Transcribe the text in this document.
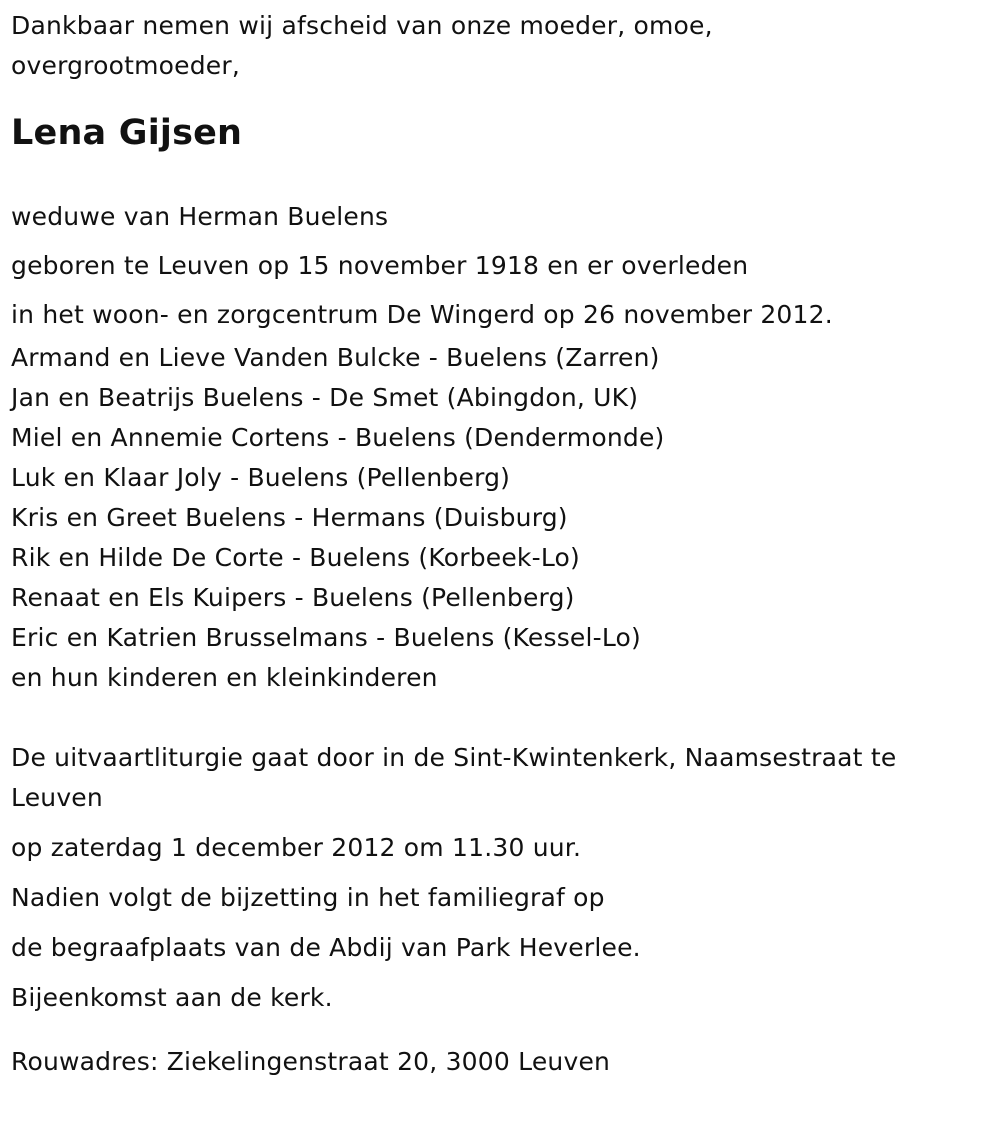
Dankbaar nemen wij afscheid van onze moeder, omoe,
overgrootmoeder,
Lena Gijsen
weduwe van Herman Buelens
geboren te Leuven op 15 november 1918 en er overleden
in het woon- en zorgcentrum De Wingerd op 26 november 2012.
Armand en Lieve Vanden Bulcke - Buelens (Zarren)
Jan en Beatrijs Buelens - De Smet (Abingdon, UK)
Miel en Annemie Cortens - Buelens (Dendermonde)
Luk en Klaar Joly - Buelens (Pellenberg)
Kris en Greet Buelens - Hermans (Duisburg)
Rik en Hilde De Corte - Buelens (Korbeek-Lo)
Renaat en Els Kuipers - Buelens (Pellenberg)
Eric en Katrien Brusselmans - Buelens (Kessel-Lo)
en hun kinderen en kleinkinderen
De uitvaartliturgie gaat door in de Sint-Kwintenkerk, Naamsestraat te Leuven
op zaterdag 1 december 2012 om 11.30 uur.
Nadien volgt de bijzetting in het familiegraf op
de begraafplaats van de Abdij van Park Heverlee.
Bijeenkomst aan de kerk.
Rouwadres: Ziekelingenstraat 20, 3000 Leuven
